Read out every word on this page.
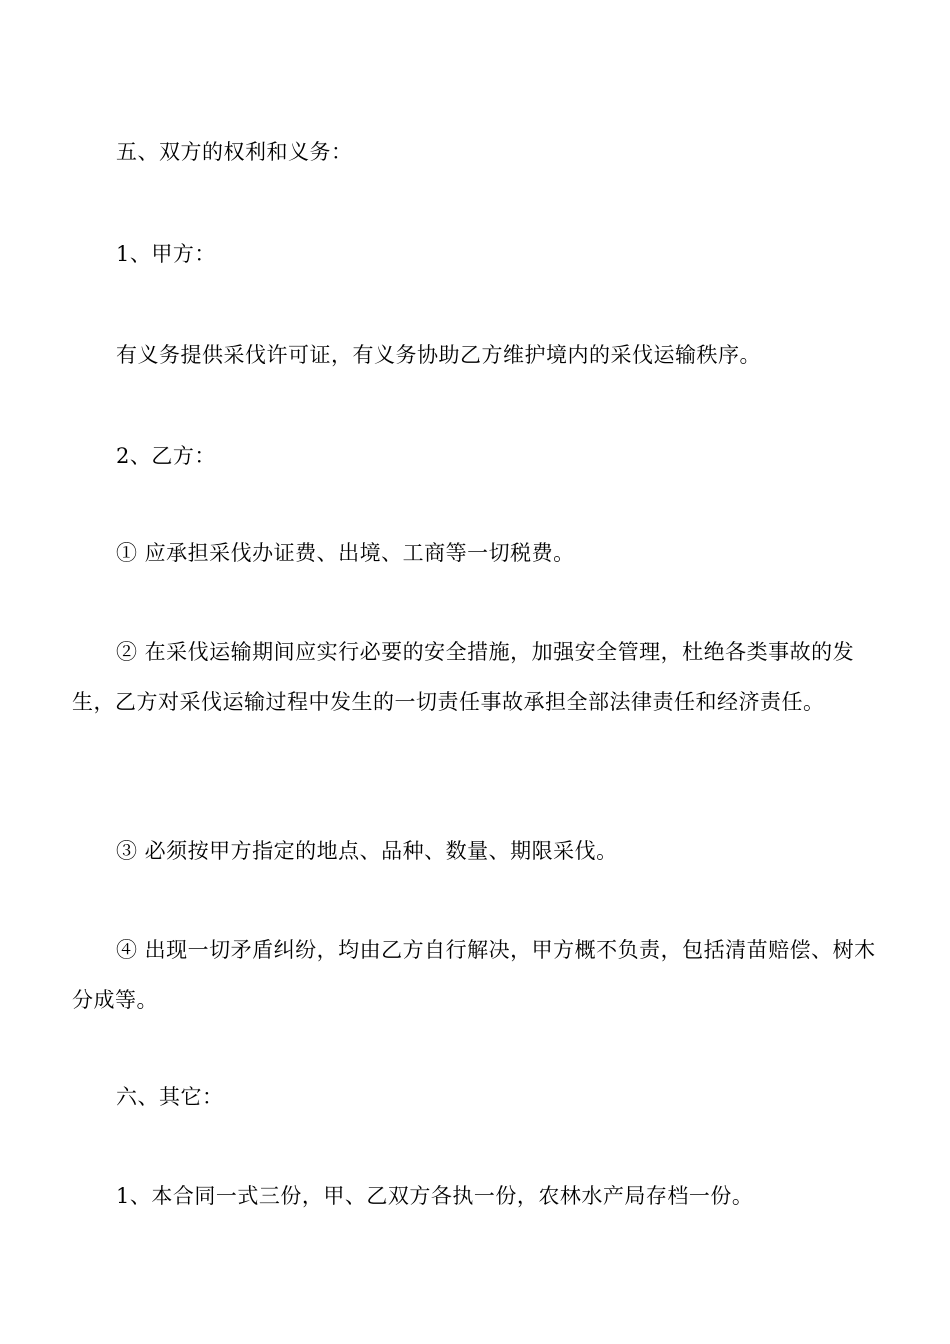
五、双方的权利和义务：

1、甲方：

有义务提供采伐许可证，有义务协助乙方维护境内的采伐运输秩序。

2、乙方：

① 应承担采伐办证费、出境、工商等一切税费。

② 在采伐运输期间应实行必要的安全措施，加强安全管理，杜绝各类事故的发生，乙方对采伐运输过程中发生的一切责任事故承担全部法律责任和经济责任。

③ 必须按甲方指定的地点、品种、数量、期限采伐。

④ 出现一切矛盾纠纷，均由乙方自行解决，甲方概不负责，包括清苗赔偿、树木分成等。

六、其它：

1、本合同一式三份，甲、乙双方各执一份，农林水产局存档一份。
